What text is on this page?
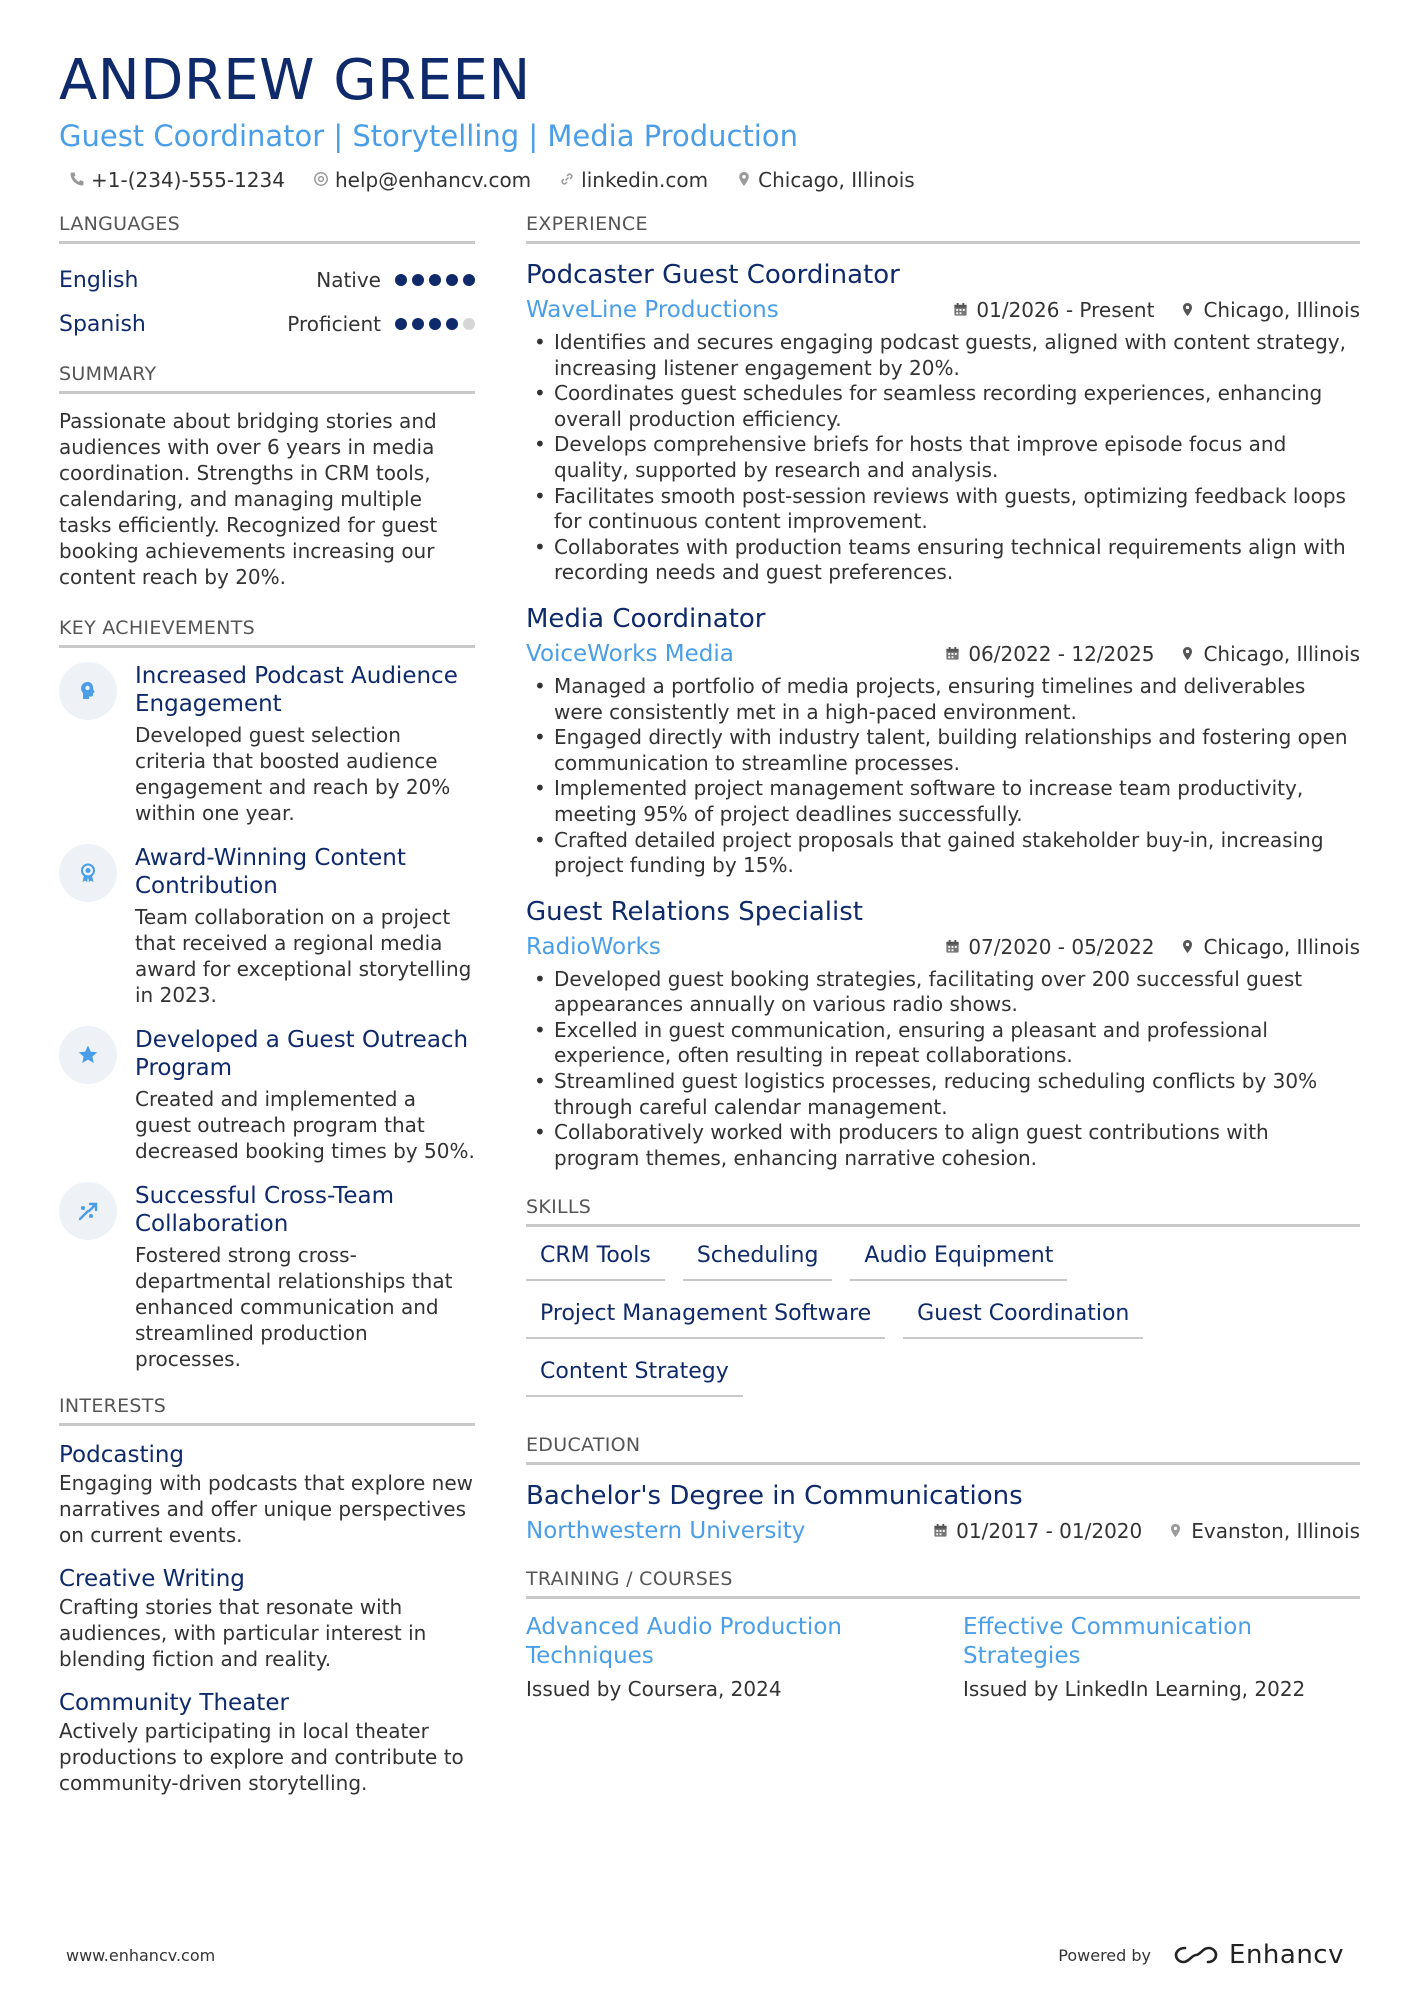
ANDREW GREEN
Guest Coordinator | Storytelling | Media Production
+1-(234)-555-1234	help@enhancv.com	linkedin.com	Chicago, Illinois
LANGUAGES
English	Native
Spanish	Proficient
SUMMARY

Passionate about bridging stories and audiences with over 6 years in media coordination. Strengths in CRM tools, calendaring, and managing multiple tasks efficiently. Recognized for guest booking achievements increasing our content reach by 20%.

KEY ACHIEVEMENTS
Increased Podcast Audience Engagement
Developed guest selection criteria that boosted audience engagement and reach by 20% within one year.
Award-Winning Content Contribution
Team collaboration on a project that received a regional media award for exceptional storytelling in 2023.
Developed a Guest Outreach Program
Created and implemented a guest outreach program that decreased booking times by 50%.
Successful Cross-Team Collaboration
Fostered strong cross-departmental relationships that enhanced communication and streamlined production processes.
INTERESTS
Podcasting
Engaging with podcasts that explore new narratives and offer unique perspectives on current events.
Creative Writing
Crafting stories that resonate with audiences, with particular interest in blending fiction and reality.
Community Theater
Actively participating in local theater productions to explore and contribute to community-driven storytelling.
EXPERIENCE
Podcaster Guest Coordinator
WaveLine Productions	01/2026 - Present Chicago, Illinois
• Identifies and secures engaging podcast guests, aligned with content strategy, increasing listener engagement by 20%.
• Coordinates guest schedules for seamless recording experiences, enhancing overall production efficiency.
• Develops comprehensive briefs for hosts that improve episode focus and quality, supported by research and analysis.
• Facilitates smooth post-session reviews with guests, optimizing feedback loops for continuous content improvement.
• Collaborates with production teams ensuring technical requirements align with recording needs and guest preferences.
Media Coordinator
VoiceWorks Media	06/2022 - 12/2025 Chicago, Illinois
• Managed a portfolio of media projects, ensuring timelines and deliverables were consistently met in a high-paced environment.
• Engaged directly with industry talent, building relationships and fostering open communication to streamline processes.
• Implemented project management software to increase team productivity, meeting 95% of project deadlines successfully.
• Crafted detailed project proposals that gained stakeholder buy-in, increasing project funding by 15%.
Guest Relations Specialist
RadioWorks	07/2020 - 05/2022 Chicago, Illinois
• Developed guest booking strategies, facilitating over 200 successful guest appearances annually on various radio shows.
• Excelled in guest communication, ensuring a pleasant and professional experience, often resulting in repeat collaborations.
• Streamlined guest logistics processes, reducing scheduling conflicts by 30% through careful calendar management.
• Collaboratively worked with producers to align guest contributions with program themes, enhancing narrative cohesion.
SKILLS
CRM Tools	Scheduling	Audio Equipment
Project Management Software	Guest Coordination
Content Strategy
EDUCATION
Bachelor's Degree in Communications
Northwestern University	01/2017 - 01/2020 Evanston, Illinois
TRAINING / COURSES
Advanced Audio Production Techniques
Issued by Coursera, 2024
Effective Communication Strategies
Issued by LinkedIn Learning, 2022
www.enhancv.com	Powered by	Enhancv
